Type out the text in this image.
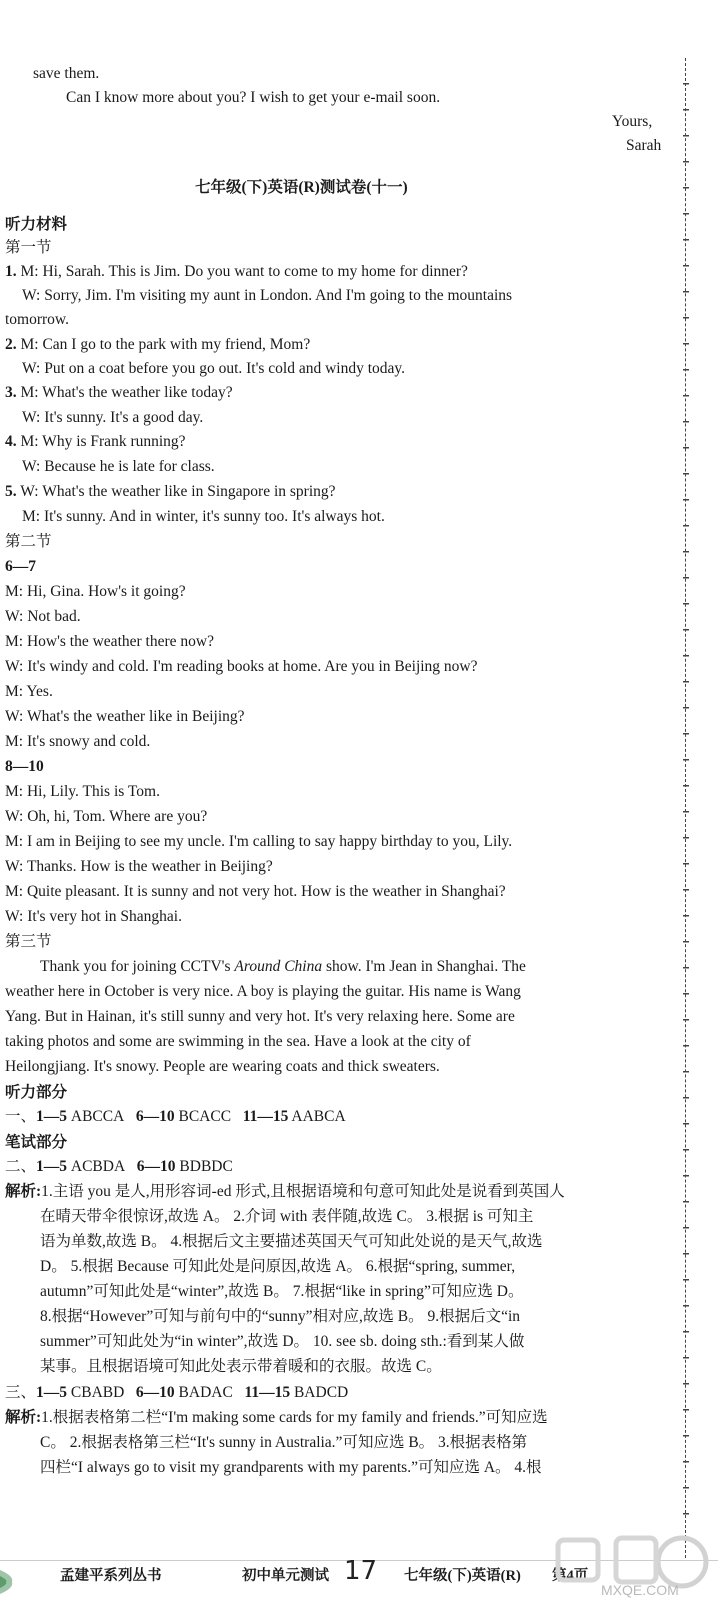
save them.
Can I know more about you? I wish to get your e-mail soon.
Yours,
Sarah
七年级(下)英语(R)测试卷(十一)
听力材料
第一节
1. M: Hi, Sarah. This is Jim. Do you want to come to my home for dinner?
W: Sorry, Jim. I'm visiting my aunt in London. And I'm going to the mountains
tomorrow.
2. M: Can I go to the park with my friend, Mom?
W: Put on a coat before you go out. It's cold and windy today.
3. M: What's the weather like today?
W: It's sunny. It's a good day.
4. M: Why is Frank running?
W: Because he is late for class.
5. W: What's the weather like in Singapore in spring?
M: It's sunny. And in winter, it's sunny too. It's always hot.
第二节
6—7
M: Hi, Gina. How's it going?
W: Not bad.
M: How's the weather there now?
W: It's windy and cold. I'm reading books at home. Are you in Beijing now?
M: Yes.
W: What's the weather like in Beijing?
M: It's snowy and cold.
8—10
M: Hi, Lily. This is Tom.
W: Oh, hi, Tom. Where are you?
M: I am in Beijing to see my uncle. I'm calling to say happy birthday to you, Lily.
W: Thanks. How is the weather in Beijing?
M: Quite pleasant. It is sunny and not very hot. How is the weather in Shanghai?
W: It's very hot in Shanghai.
第三节
Thank you for joining CCTV's Around China show. I'm Jean in Shanghai. The
weather here in October is very nice. A boy is playing the guitar. His name is Wang
Yang. But in Hainan, it's still sunny and very hot. It's very relaxing here. Some are
taking photos and some are swimming in the sea. Have a look at the city of
Heilongjiang. It's snowy. People are wearing coats and thick sweaters.
听力部分
一、1—5 ABCCA 6—10 BCACC 11—15 AABCA
笔试部分
二、1—5 ACBDA 6—10 BDBDC
解析:1.主语 you 是人,用形容词-ed 形式,且根据语境和句意可知此处是说看到英国人
在晴天带伞很惊讶,故选 A。 2.介词 with 表伴随,故选 C。 3.根据 is 可知主
语为单数,故选 B。 4.根据后文主要描述英国天气可知此处说的是天气,故选
D。 5.根据 Because 可知此处是问原因,故选 A。 6.根据“spring, summer,
autumn”可知此处是“winter”,故选 B。 7.根据“like in spring”可知应选 D。
8.根据“However”可知与前句中的“sunny”相对应,故选 B。 9.根据后文“in
summer”可知此处为“in winter”,故选 D。 10. see sb. doing sth.:看到某人做
某事。且根据语境可知此处表示带着暖和的衣服。故选 C。
三、1—5 CBABD 6—10 BADAC 11—15 BADCD
解析:1.根据表格第二栏“I'm making some cards for my family and friends.”可知应选
C。 2.根据表格第三栏“It's sunny in Australia.”可知应选 B。 3.根据表格第
四栏“I always go to visit my grandparents with my parents.”可知应选 A。 4.根
孟建平系列丛书	初中单元测试 17 七年级(下)英语(R) 第4页
MXQE.COM
